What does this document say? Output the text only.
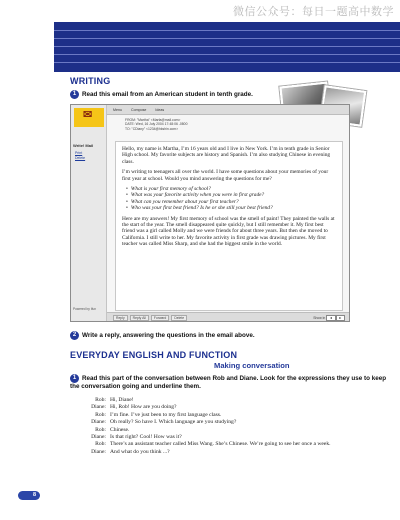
微信公众号：每日一题高中数学
WRITING
1 Read this email from an American student in tenth grade.
✉
Write! Mail
Print
Delete
Powered by Ifun
Menu	Compose	Ideas
FROM: "Martha" <Marfa@mail.com>
DATE: Wed, 16 July 2004 17:48:06 -0800
TO: "CDiany" <1234@hkshin.com>

Hello, my name is Martha, I’m 16 years old and I live in New York. I’m in tenth grade in Senior High school. My favorite subjects are history and Spanish. I’m also studying Chinese in evening class.

I’m writing to teenagers all over the world. I have some questions about your memories of your first year at school. Would you mind answering the questions for me?

• What is your first memory of school?
• What was your favorite activity when you were in first grade?
• What can you remember about your first teacher?
• Who was your first best friend? Is he or she still your best friend?

Here are my answers! My first memory of school was the smell of paint! They painted the walls at the start of the year. The smell disappeared quite quickly, but I still remember it. My first best friend was a girl called Molly and we were friends for about three years. But then she moved to California. I still write to her. My favorite activity in first grade was drawing pictures. My first teacher was called Miss Sharp, and she had the biggest smile in the world.

Reply Reply All Forward Delete	Show in ◄ ►
2 Write a reply, answering the questions in the email above.
EVERYDAY ENGLISH AND FUNCTION
Making conversation
1 Read this part of the conversation between Rob and Diane. Look for the expressions they use to keep the conversation going and underline them.
Rob: Hi, Diane!
Diane: Hi, Rob! How are you doing?
Rob: I’m fine. I’ve just been to my first language class.
Diane: Oh really? So have I. Which language are you studying?
Rob: Chinese.
Diane: Is that right? Cool! How was it?
Rob: There’s an assistant teacher called Miss Wang. She’s Chinese. We’re going to see her once a week.
Diane: And what do you think ...?
8
